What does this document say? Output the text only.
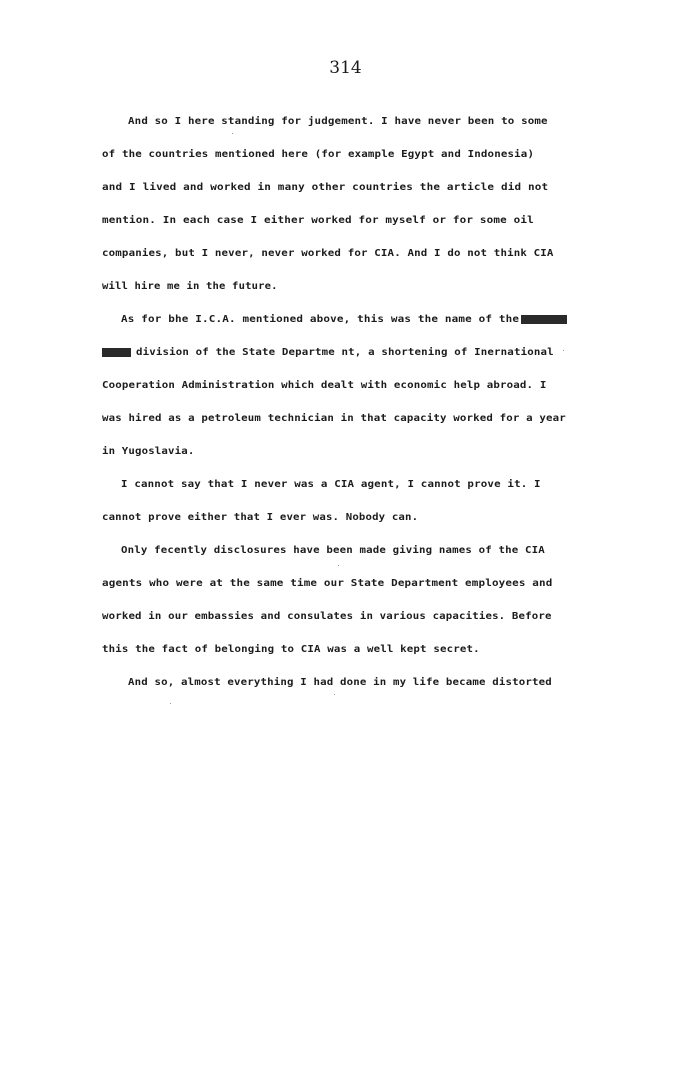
314
And so I here standing for judgement. I have never been to some
of the countries mentioned here (for example Egypt and Indonesia)
and I lived and worked in many other countries the article did not
mention. In each case I either worked for myself or for some oil
companies, but I never, never worked for CIA. And I do not think CIA
will hire me in the future.
As for bhe I.C.A. mentioned above, this was the name of the
division of the State Departme nt, a shortening of Inernational
Cooperation Administration which dealt with economic help abroad. I
was hired as a petroleum technician in that capacity worked for a year
in Yugoslavia.
I cannot say that I never was a CIA agent, I cannot prove it. I
cannot prove either that I ever was. Nobody can.
Only fecently disclosures have been made giving names of the CIA
agents who were at the same time our State Department employees and
worked in our embassies and consulates in various capacities. Before
this the fact of belonging to CIA was a well kept secret.
And so, almost everything I had done in my life became distorted
